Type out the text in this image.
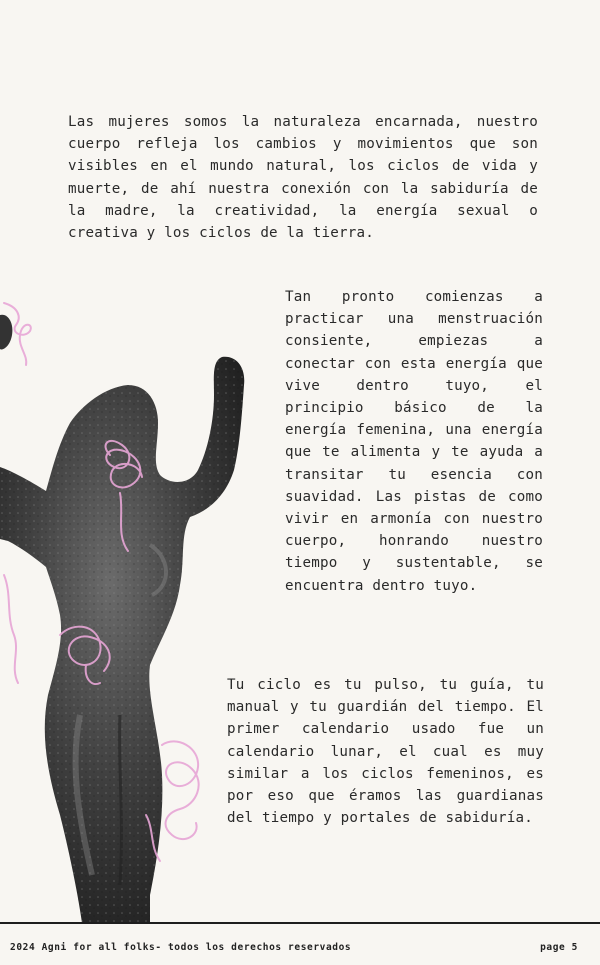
Las mujeres somos la naturaleza encarnada, nuestro cuerpo refleja los cambios y movimientos que son visibles en el mundo natural, los ciclos de vida y muerte, de ahí nuestra conexión con la sabiduría de la madre, la creatividad, la energía sexual o creativa y los ciclos de la tierra.

Tan pronto comienzas a practicar una menstruación consiente, empiezas a conectar con esta energía que vive dentro tuyo, el principio básico de la energía femenina, una energía que te alimenta y te ayuda a transitar tu esencia con suavidad. Las pistas de como vivir en armonía con nuestro cuerpo, honrando nuestro tiempo y sustentable, se encuentra dentro tuyo.

Tu ciclo es tu pulso, tu guía, tu manual y tu guardián del tiempo. El primer calendario usado fue un calendario lunar, el cual es muy similar a los ciclos femeninos, es por eso que éramos las guardianas del tiempo y portales de sabiduría.

2024 Agni for all folks- todos los derechos reservados	page 5
